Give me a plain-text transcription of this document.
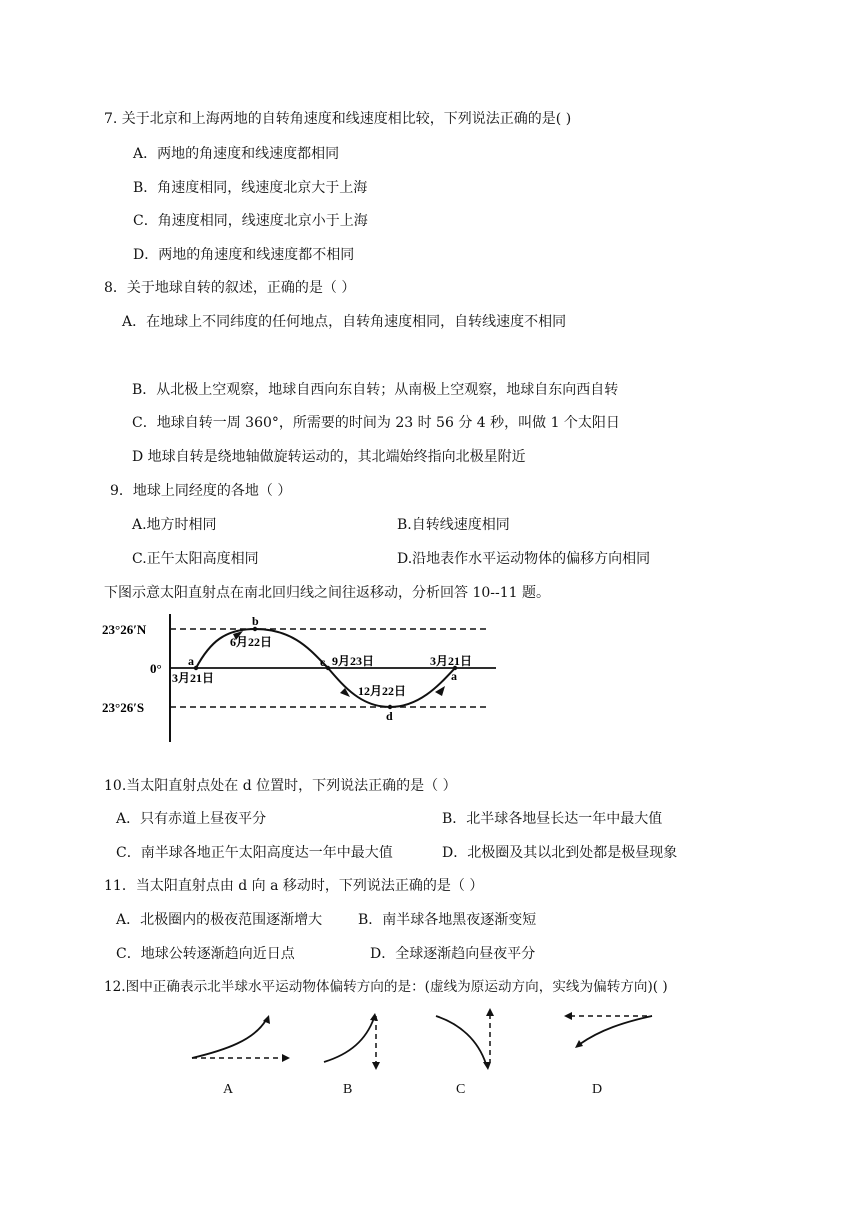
7. 关于北京和上海两地的自转角速度和线速度相比较，下列说法正确的是( )
A．两地的角速度和线速度都相同
B．角速度相同，线速度北京大于上海
C．角速度相同，线速度北京小于上海
D．两地的角速度和线速度都不相同
8．关于地球自转的叙述，正确的是（ ）
A．在地球上不同纬度的任何地点，自转角速度相同，自转线速度不相同
B．从北极上空观察，地球自西向东自转；从南极上空观察，地球自东向西自转
C．地球自转一周 360°，所需要的时间为 23 时 56 分 4 秒，叫做 1 个太阳日
D 地球自转是绕地轴做旋转运动的，其北端始终指向北极星附近
9．地球上同经度的各地（ ）
A.地方时相同	B.自转线速度相同
C.正午太阳高度相同	D.沿地表作水平运动物体的偏移方向相同
下图示意太阳直射点在南北回归线之间往返移动，分析回答 10--11 题。
23°26′N
0°
23°26′S
a
b
c
d
a
3月21日
6月22日
9月23日
12月22日
3月21日
10.当太阳直射点处在 d 位置时，下列说法正确的是（ ）
A．只有赤道上昼夜平分	B．北半球各地昼长达一年中最大值
C．南半球各地正午太阳高度达一年中最大值	D．北极圈及其以北到处都是极昼现象
11．当太阳直射点由 d 向 a 移动时，下列说法正确的是（ ）
A．北极圈内的极夜范围逐渐增大	B．南半球各地黑夜逐渐变短
C．地球公转逐渐趋向近日点	D．全球逐渐趋向昼夜平分
12.图中正确表示北半球水平运动物体偏转方向的是：(虚线为原运动方向，实线为偏转方向)( )
A	B	C	D
